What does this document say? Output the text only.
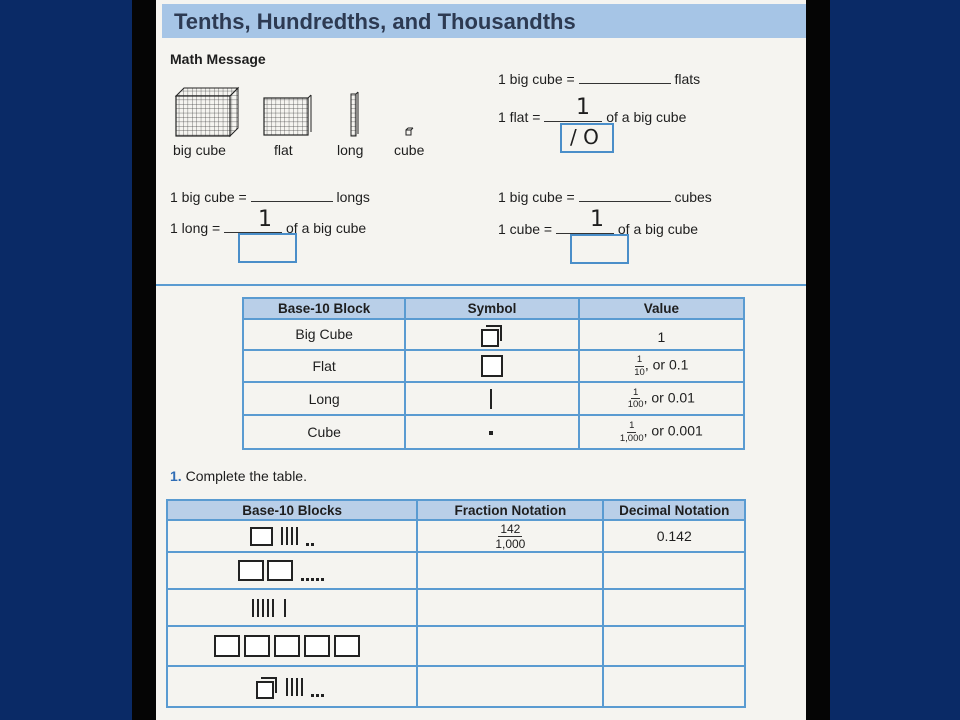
Tenths, Hundredths, and Thousandths
Math Message
big cube	flat	long cube
1 big cube =	flats
1 flat =	of a big cube
1
/ O
1 big cube =	longs
1 long =	of a big cube
1
1 big cube =	cubes
1 cube =	of a big cube
1
Base-10 Block	Symbol	Value
Big Cube		1
Flat		$\frac{1}{10}$ , or 0.1
Long		$\frac{1}{100}$ , or 0.01
Cube		$\frac{1}{1,000}$ , or 0.001
1. Complete the table.
Base-10 Blocks	Fraction Notation	Decimal Notation

	$\frac{142}{1,000}$	0.142
